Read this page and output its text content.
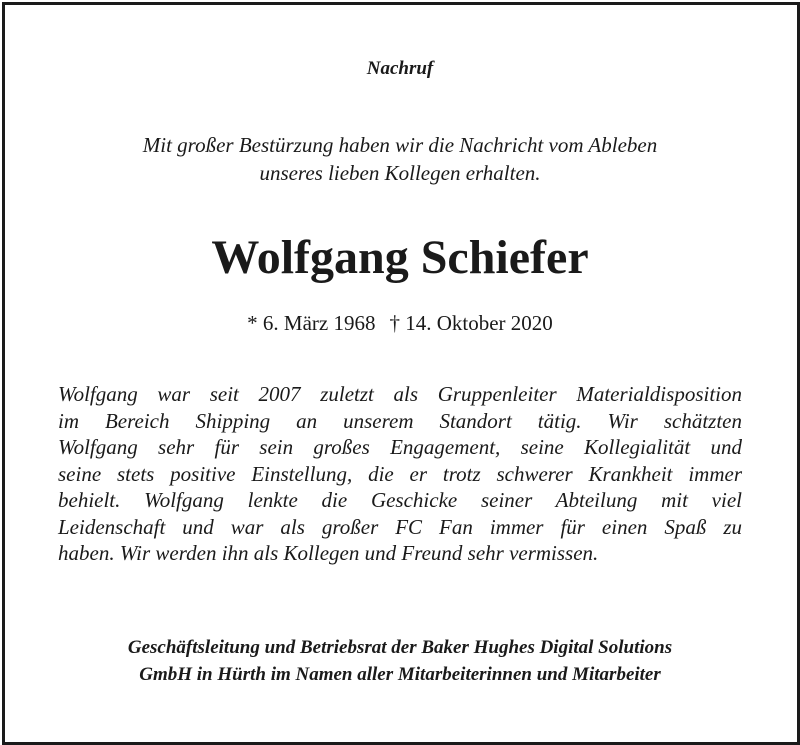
Nachruf
Mit großer Bestürzung haben wir die Nachricht vom Ableben
unseres lieben Kollegen erhalten.
Wolfgang Schiefer
* 6. März 1968 † 14. Oktober 2020
Wolfgang war seit 2007 zuletzt als Gruppenleiter Materialdisposition
im Bereich Shipping an unserem Standort tätig. Wir schätzten
Wolfgang sehr für sein großes Engagement, seine Kollegialität und
seine stets positive Einstellung, die er trotz schwerer Krankheit immer
behielt. Wolfgang lenkte die Geschicke seiner Abteilung mit viel
Leidenschaft und war als großer FC Fan immer für einen Spaß zu
haben. Wir werden ihn als Kollegen und Freund sehr vermissen.
Geschäftsleitung und Betriebsrat der Baker Hughes Digital Solutions
GmbH in Hürth im Namen aller Mitarbeiterinnen und Mitarbeiter
